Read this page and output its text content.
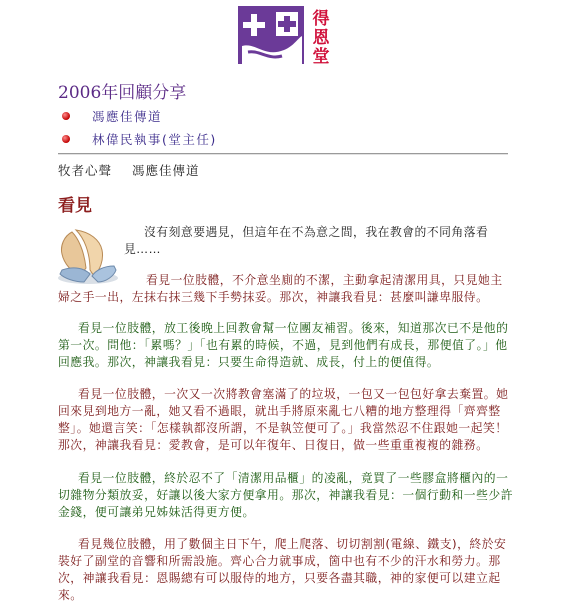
得恩堂
2006年回顧分享
馮應佳傳道
林偉民執事(堂主任)
牧者心聲 馮應佳傳道
看見

沒有刻意要遇見，但這年在不為意之間，我在教會的不同角落看見……

看見一位肢體，不介意坐廁的不潔，主動拿起清潔用具，只見她主婦之手一出，左抹右抹三幾下手勢抹妥。那次，神讓我看見：甚麼叫謙卑服侍。

看見一位肢體，放工後晚上回教會幫一位團友補習。後來，知道那次已不是他的第一次。問他：「累嗎？」「也有累的時候，不過，見到他們有成長，那便值了。」他回應我。那次，神讓我看見：只要生命得造就、成長，付上的便值得。

看見一位肢體，一次又一次將教會塞滿了的垃圾，一包又一包包好拿去棄置。她回來見到地方一亂，她又看不過眼，就出手將原來亂七八糟的地方整理得「齊齊整整」。她還言笑：「怎樣執都沒所謂，不是執笠便可了。」我當然忍不住跟她一起笑！那次，神讓我看見：愛教會，是可以年復年、日復日，做一些重重複複的雜務。

看見一位肢體，終於忍不了「清潔用品櫃」的凌亂，竟買了一些膠盒將櫃內的一切雜物分類放妥，好讓以後大家方便拿用。那次，神讓我看見：一個行動和一些少許金錢，便可讓弟兄姊妹活得更方便。

看見幾位肢體，用了數個主日下午，爬上爬落、切切割割(電線、鐵支)，終於安裝好了副堂的音響和所需設施。齊心合力就事成，箇中也有不少的汗水和勞力。那次，神讓我看見：恩賜總有可以服侍的地方，只要各盡其職，神的家便可以建立起來。
